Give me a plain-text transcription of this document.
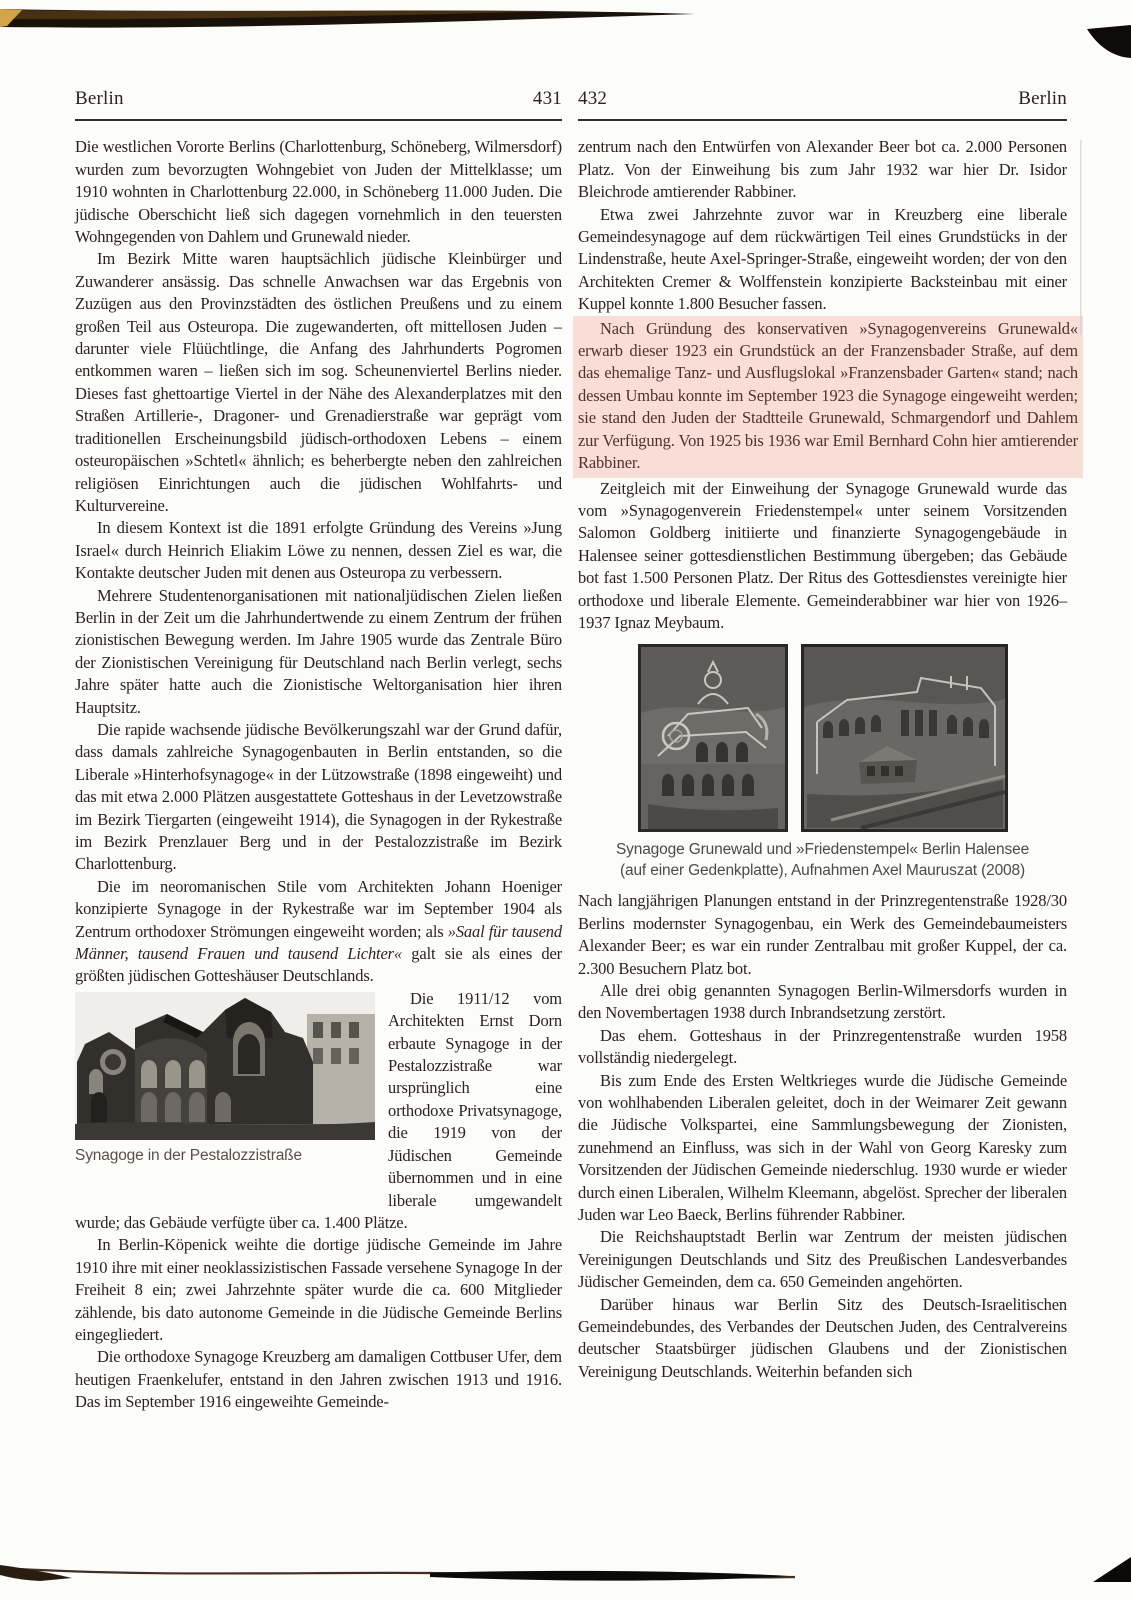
Berlin	431

Die westlichen Vororte Berlins (Charlottenburg, Schöneberg, Wilmersdorf) wurden zum bevorzugten Wohngebiet von Juden der Mittelklasse; um 1910 wohnten in Charlottenburg 22.000, in Schöneberg 11.000 Juden. Die jüdische Oberschicht ließ sich dagegen vornehmlich in den teuersten Wohngegenden von Dahlem und Grunewald nieder.

Im Bezirk Mitte waren hauptsächlich jüdische Kleinbürger und Zuwanderer ansässig. Das schnelle Anwachsen war das Ergebnis von Zuzügen aus den Provinzstädten des östlichen Preußens und zu einem großen Teil aus Osteuropa. Die zugewanderten, oft mittellosen Juden – darunter viele Flüüchtlinge, die Anfang des Jahrhunderts Pogromen entkommen waren – ließen sich im sog. Scheunenviertel Berlins nieder. Dieses fast ghettoartige Viertel in der Nähe des Alexanderplatzes mit den Straßen Artillerie-, Dragoner- und Grenadierstraße war geprägt vom traditionellen Erscheinungsbild jüdisch-orthodoxen Lebens – einem osteuropäischen »Schtetl« ähnlich; es beherbergte neben den zahlreichen religiösen Einrichtungen auch die jüdischen Wohlfahrts- und Kulturvereine.

In diesem Kontext ist die 1891 erfolgte Gründung des Vereins »Jung Israel« durch Heinrich Eliakim Löwe zu nennen, dessen Ziel es war, die Kontakte deutscher Juden mit denen aus Osteuropa zu verbessern.

Mehrere Studentenorganisationen mit nationaljüdischen Zielen ließen Berlin in der Zeit um die Jahrhundertwende zu einem Zentrum der frühen zionistischen Bewegung werden. Im Jahre 1905 wurde das Zentrale Büro der Zionistischen Vereinigung für Deutschland nach Berlin verlegt, sechs Jahre später hatte auch die Zionistische Weltorganisation hier ihren Hauptsitz.

Die rapide wachsende jüdische Bevölkerungszahl war der Grund dafür, dass damals zahlreiche Synagogenbauten in Berlin entstanden, so die Liberale »Hinterhofsynagoge« in der Lützowstraße (1898 eingeweiht) und das mit etwa 2.000 Plätzen ausgestattete Gotteshaus in der Levetzowstraße im Bezirk Tiergarten (eingeweiht 1914), die Synagogen in der Rykestraße im Bezirk Prenzlauer Berg und in der Pestalozzistraße im Bezirk Charlottenburg.

Die im neoromanischen Stile vom Architekten Johann Hoeniger konzipierte Synagoge in der Rykestraße war im September 1904 als Zentrum orthodoxer Strömungen eingeweiht worden; als »Saal für tausend Männer, tausend Frauen und tausend Lichter« galt sie als eines der größten jüdischen Gotteshäuser Deutschlands.

Synagoge in der Pestalozzistraße
Die 1911/12 vom Architekten Ernst Dorn erbaute Synagoge in der Pestalozzistraße war ursprünglich eine orthodoxe Privatsynagoge, die 1919 von der Jüdischen Gemeinde übernommen und in eine liberale umgewandelt wurde; das Gebäude verfügte über ca. 1.400 Plätze.

In Berlin-Köpenick weihte die dortige jüdische Gemeinde im Jahre 1910 ihre mit einer neoklassizistischen Fassade versehene Synagoge In der Freiheit 8 ein; zwei Jahrzehnte später wurde die ca. 600 Mitglieder zählende, bis dato autonome Gemeinde in die Jüdische Gemeinde Berlins eingegliedert.

Die orthodoxe Synagoge Kreuzberg am damaligen Cottbuser Ufer, dem heutigen Fraenkelufer, entstand in den Jahren zwischen 1913 und 1916. Das im September 1916 eingeweihte Gemeinde-

432	Berlin

zentrum nach den Entwürfen von Alexander Beer bot ca. 2.000 Personen Platz. Von der Einweihung bis zum Jahr 1932 war hier Dr. Isidor Bleichrode amtierender Rabbiner.

Etwa zwei Jahrzehnte zuvor war in Kreuzberg eine liberale Gemeindesynagoge auf dem rückwärtigen Teil eines Grundstücks in der Lindenstraße, heute Axel-Springer-Straße, eingeweiht worden; der von den Architekten Cremer & Wolffenstein konzipierte Backsteinbau mit einer Kuppel konnte 1.800 Besucher fassen.

Nach Gründung des konservativen »Synagogenvereins Grunewald« erwarb dieser 1923 ein Grundstück an der Franzensbader Straße, auf dem das ehemalige Tanz- und Ausflugslokal »Franzensbader Garten« stand; nach dessen Umbau konnte im September 1923 die Synagoge eingeweiht werden; sie stand den Juden der Stadtteile Grunewald, Schmargendorf und Dahlem zur Verfügung. Von 1925 bis 1936 war Emil Bernhard Cohn hier amtierender Rabbiner.

Zeitgleich mit der Einweihung der Synagoge Grunewald wurde das vom »Synagogenverein Friedenstempel« unter seinem Vorsitzenden Salomon Goldberg initiierte und finanzierte Synagogengebäude in Halensee seiner gottesdienstlichen Bestimmung übergeben; das Gebäude bot fast 1.500 Personen Platz. Der Ritus des Gottesdienstes vereinigte hier orthodoxe und liberale Elemente. Gemeinderabbiner war hier von 1926–1937 Ignaz Meybaum.

Synagoge Grunewald und »Friedenstempel« Berlin Halensee
(auf einer Gedenkplatte), Aufnahmen Axel Mauruszat (2008)

Nach langjährigen Planungen entstand in der Prinzregentenstraße 1928/30 Berlins modernster Synagogenbau, ein Werk des Gemeindebaumeisters Alexander Beer; es war ein runder Zentralbau mit großer Kuppel, der ca. 2.300 Besuchern Platz bot.

Alle drei obig genannten Synagogen Berlin-Wilmersdorfs wurden in den Novembertagen 1938 durch Inbrandsetzung zerstört.

Das ehem. Gotteshaus in der Prinzregentenstraße wurden 1958 vollständig niedergelegt.

Bis zum Ende des Ersten Weltkrieges wurde die Jüdische Gemeinde von wohlhabenden Liberalen geleitet, doch in der Weimarer Zeit gewann die Jüdische Volkspartei, eine Sammlungsbewegung der Zionisten, zunehmend an Einfluss, was sich in der Wahl von Georg Karesky zum Vorsitzenden der Jüdischen Gemeinde niederschlug. 1930 wurde er wieder durch einen Liberalen, Wilhelm Kleemann, abgelöst. Sprecher der liberalen Juden war Leo Baeck, Berlins führender Rabbiner.

Die Reichshauptstadt Berlin war Zentrum der meisten jüdischen Vereinigungen Deutschlands und Sitz des Preußischen Landesverbandes Jüdischer Gemeinden, dem ca. 650 Gemeinden angehörten.

Darüber hinaus war Berlin Sitz des Deutsch-Israelitischen Gemeindebundes, des Verbandes der Deutschen Juden, des Centralvereins deutscher Staatsbürger jüdischen Glaubens und der Zionistischen Vereinigung Deutschlands. Weiterhin befanden sich
